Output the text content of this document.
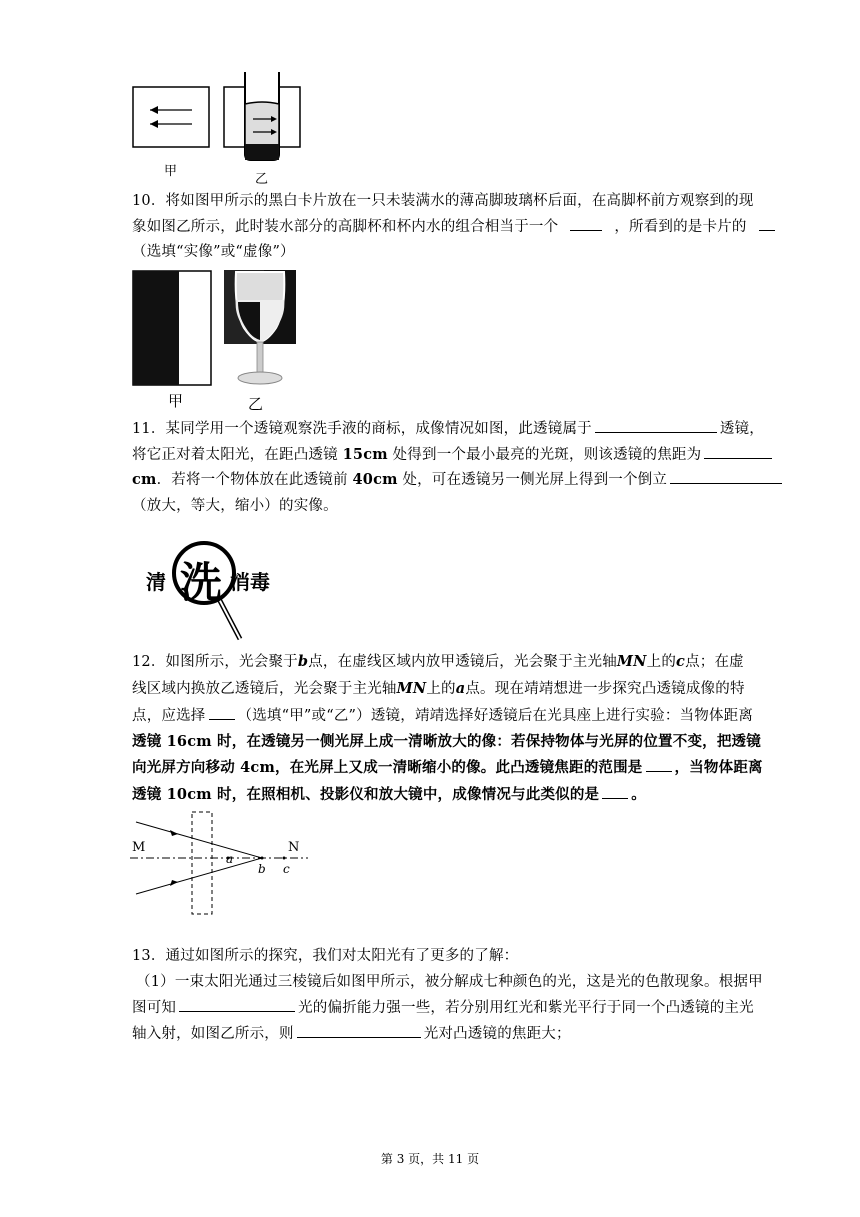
甲
乙
10．将如图甲所示的黑白卡片放在一只未装满水的薄高脚玻璃杯后面，在高脚杯前方观察到的现
象如图乙所示，此时装水部分的高脚杯和杯内水的组合相当于一个	，所看到的是卡片的
（选填“实像”或“虚像”）
甲	乙
11．某同学用一个透镜观察洗手液的商标，成像情况如图，此透镜属于	透镜，
将它正对着太阳光，在距凸透镜 15cm 处得到一个最小最亮的光斑，则该透镜的焦距为
cm．若将一个物体放在此透镜前 40cm 处，可在透镜另一侧光屏上得到一个倒立
（放大，等大，缩小）的实像。
清 洗 消毒
12．如图所示，光会聚于b点，在虚线区域内放甲透镜后，光会聚于主光轴MN上的c点；在虚
线区域内换放乙透镜后，光会聚于主光轴MN上的a点。现在靖靖想进一步探究凸透镜成像的特
点，应选择 （选填“甲”或“乙”）透镜，靖靖选择好透镜后在光具座上进行实验：当物体距离
透镜 16cm 时，在透镜另一侧光屏上成一清晰放大的像：若保持物体与光屏的位置不变，把透镜
向光屏方向移动 4cm，在光屏上又成一清晰缩小的像。此凸透镜焦距的范围是 ，当物体距离
透镜 10cm 时，在照相机、投影仪和放大镜中，成像情况与此类似的是 。
M	N
a
b c
13．通过如图所示的探究，我们对太阳光有了更多的了解：
（1）一束太阳光通过三棱镜后如图甲所示，被分解成七种颜色的光，这是光的色散现象。根据甲
图可知	光的偏折能力强一些，若分别用红光和紫光平行于同一个凸透镜的主光
轴入射，如图乙所示，则	光对凸透镜的焦距大；
第 3 页，共 11 页
